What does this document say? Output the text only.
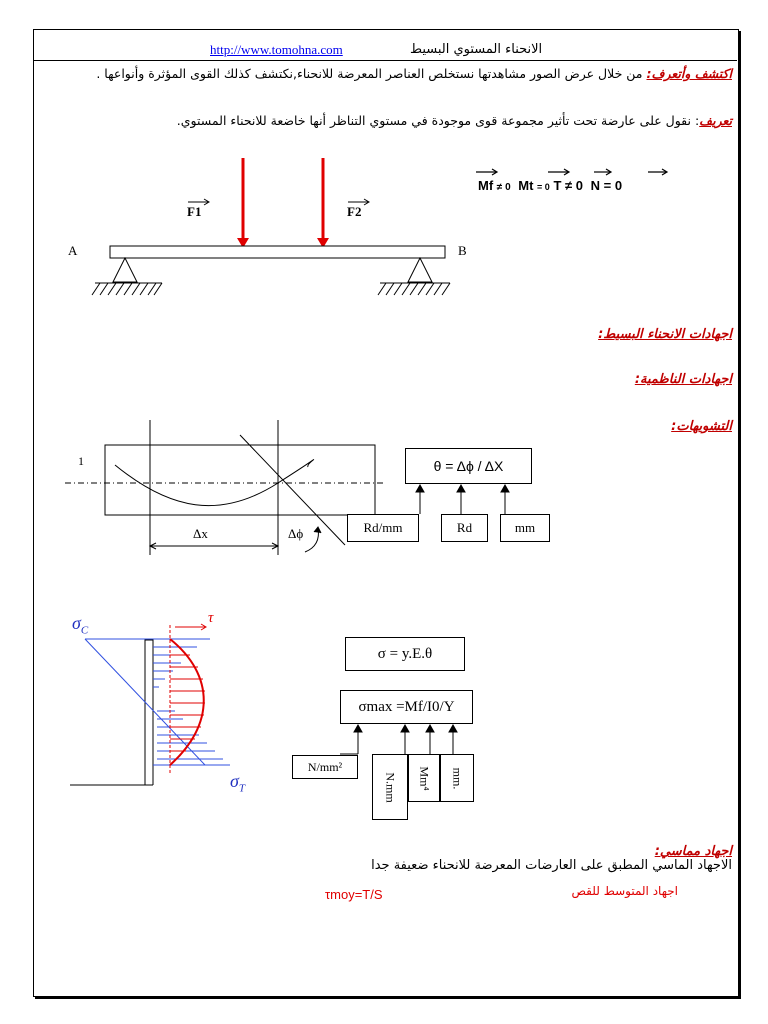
http://www.tomohna.com	الانحناء المستوي البسيط
اكتشف وأتعرف: من خلال عرض الصور مشاهدتها نستخلص العناصر المعرضة للانحناء,نكتشف كذلك القوى المؤثرة وأنواعها .
تعريف: نقول على عارضة تحت تأثير مجموعة قوى موجودة في مستوي التناظر أنها خاضعة للانحناء المستوي.
F1	F2
A	B
Mf ≠ 0 Mt = 0 T ≠ 0 N = 0
اجهادات الانحناء البسيط:
اجهادات الناظمية:
التشويهات:
1
Δx	Δϕ
θ = Δϕ / ΔX
Rd/mm	Rd	mm
τ
$\sigma_C$
$\sigma_T$
σ = y.E.θ
σmax =Mf/I0/Y
N/mm²
N.mm Mm⁴ mm.
اجهاد مماسي:
الاجهاد الماسي المطبق على العارضات المعرضة للانحناء ضعيفة جدا
اجهاد المتوسط للقص
τmoy=T/S
